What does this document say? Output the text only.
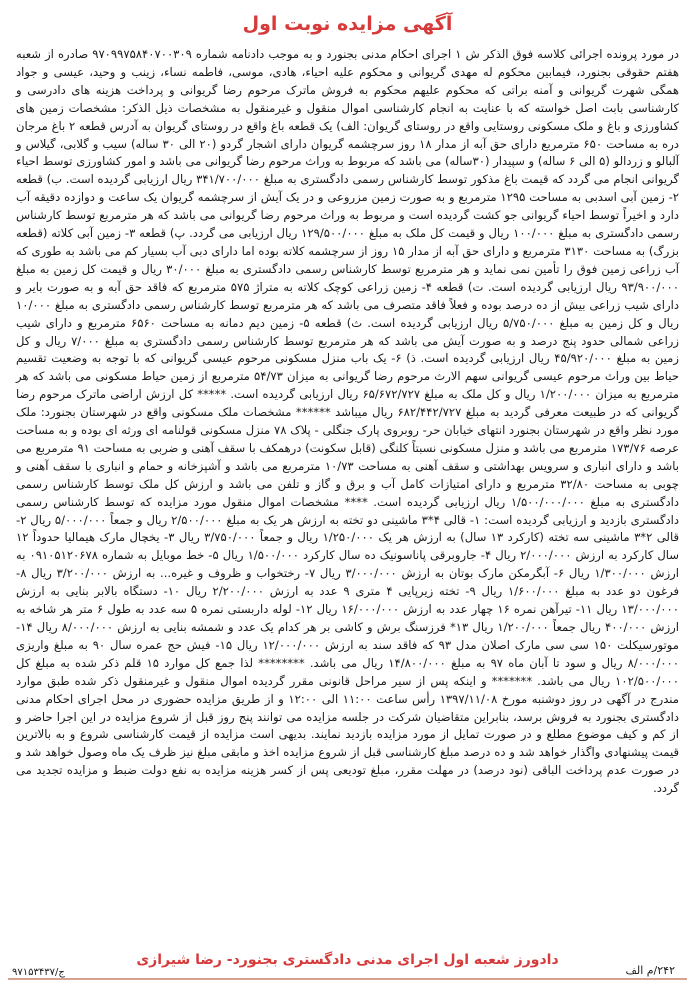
آگهی مزایده نوبت اول

در مورد پرونده اجرائی کلاسه فوق الذکر ش ۱ اجرای احکام مدنی بجنورد و به موجب دادنامه شماره ۹۷۰۹۹۷۵۸۴۰۷۰۰۳۰۹ صادره از شعبه هفتم حقوقی بجنورد، فیمابین محکوم له مهدی گریوانی و محکوم علیه احیاء، هادی، موسی، فاطمه نساء، زینب و وحید، عیسی و جواد همگی شهرت گریوانی و آمنه براتی که محکوم علیهم محکوم به فروش ماترک مرحوم رضا گریوانی و پرداخت هزینه های دادرسی و کارشناسی بابت اصل خواسته که با عنایت به انجام کارشناسی اموال منقول و غیرمنقول به مشخصات ذیل الذکر: مشخصات زمین های کشاورزی و باغ و ملک مسکونی روستایی واقع در روستای گریوان: الف) یک قطعه باغ واقع در روستای گریوان به آدرس قطعه ۲ باغ مرجان دره به مساحت ۶۵۰ مترمربع دارای حق آبه از مدار ۱۸ روز سرچشمه گریوان دارای اشجار گردو (۲۰ الی ۳۰ ساله) سیب و گلابی، گیلاس و آلبالو و زردالو (۵ الی ۶ ساله) و سپیدار (۳۰ساله) می باشد که مربوط به وراث مرحوم رضا گریوانی می باشد و امور کشاورزی توسط احیاء گریوانی انجام می گردد که قیمت باغ مذکور توسط کارشناس رسمی دادگستری به مبلغ ۳۴۱/۷۰۰/۰۰۰ ریال ارزیابی گردیده است. ب) قطعه ۲- زمین آبی اسدبی به مساحت ۱۲۹۵ مترمربع و به صورت زمین مزروعی و در یک آیش از سرچشمه گریوان یک ساعت و دوازده دقیقه آب دارد و اخیراً توسط احیاء گریوانی جو کشت گردیده است و مربوط به وراث مرحوم رضا گریوانی می باشد که هر مترمربع توسط کارشناس رسمی دادگستری به مبلغ ۱۰۰/۰۰۰ ریال و قیمت کل ملک به مبلغ ۱۲۹/۵۰۰/۰۰۰ ریال ارزیابی می گردد. پ) قطعه ۳- زمین آبی کلاته (قطعه بزرگ) به مساحت ۳۱۳۰ مترمربع و دارای حق آبه از مدار ۱۵ روز از سرچشمه کلاته بوده اما دارای دبی آب بسیار کم می باشد به طوری که آب زراعی زمین فوق را تأمین نمی نماید و هر مترمربع توسط کارشناس رسمی دادگستری به مبلغ ۳۰/۰۰۰ ریال و قیمت کل زمین به مبلغ ۹۳/۹۰۰/۰۰۰ ریال ارزیابی گردیده است. ت) قطعه ۴- زمین زراعی کوچک کلاته به متراژ ۵۷۵ مترمربع که فاقد حق آبه و به صورت بایر و دارای شیب زراعی بیش از ده درصد بوده و فعلاً فاقد متصرف می باشد که هر مترمربع توسط کارشناس رسمی دادگستری به مبلغ ۱۰/۰۰۰ ریال و کل زمین به مبلغ ۵/۷۵۰/۰۰۰ ریال ارزیابی گردیده است. ث) قطعه ۵- زمین دیم دمانه به مساحت ۶۵۶۰ مترمربع و دارای شیب زراعی شمالی حدود پنج درصد و به صورت آیش می باشد که هر مترمربع توسط کارشناس رسمی دادگستری به مبلغ ۷/۰۰۰ ریال و کل زمین به مبلغ ۴۵/۹۲۰/۰۰۰ ریال ارزیابی گردیده است. ذ) ۶- یک باب منزل مسکونی مرحوم عیسی گریوانی که با توجه به وضعیت تقسیم حیاط بین وراث مرحوم عیسی گریوانی سهم الارث مرحوم رضا گریوانی به میزان ۵۴/۷۳ مترمربع از زمین حیاط مسکونی می باشد که هر مترمربع به میزان ۱/۲۰۰/۰۰۰ ریال و کل ملک به مبلغ ۶۵/۶۷۲/۷۲۷ ریال ارزیابی گردیده است. ***** کل ارزش اراضی ماترک مرحوم رضا گریوانی که در طبیعت معرفی گردید به مبلغ ۶۸۲/۴۴۲/۷۲۷ ریال میباشد ****** مشخصات ملک مسکونی واقع در شهرستان بجنورد: ملک مورد نظر واقع در شهرستان بجنورد انتهای خیابان حر- روبروی پارک جنگلی - پلاک ۷۸ منزل مسکونی قولنامه ای ورثه ای بوده و به مساحت عرصه ۱۷۳/۷۶ مترمربع می باشد و منزل مسکونی نسبتاً کلنگی (قابل سکونت) درهمکف با سقف آهنی و ضربی به مساحت ۹۱ مترمربع می باشد و دارای انباری و سرویس بهداشتی و سقف آهنی به مساحت ۱۰/۷۳ مترمربع می باشد و آشپزخانه و حمام و انباری با سقف آهنی و چوبی به مساحت ۳۲/۸۰ مترمربع و دارای امتیازات کامل آب و برق و گاز و تلفن می باشد و ارزش کل ملک توسط کارشناس رسمی دادگستری به مبلغ ۱/۵۰۰/۰۰۰/۰۰۰ ریال ارزیابی گردیده است. **** مشخصات اموال منقول مورد مزایده که توسط کارشناس رسمی دادگستری بازدید و ارزیابی گردیده است: ۱- قالی ۴*۳ ماشینی دو تخته به ارزش هر یک به مبلغ ۲/۵۰۰/۰۰۰ ریال و جمعاً ۵/۰۰۰/۰۰۰ ریال ۲- قالی ۲*۳ ماشینی سه تخته (کارکرد ۱۳ سال) به ارزش هر یک ۱/۲۵۰/۰۰۰ ریال و جمعاً ۳/۷۵۰/۰۰۰ ریال ۳- یخچال مارک هیمالیا حدوداً ۱۲ سال کارکرد به ارزش ۲/۰۰۰/۰۰۰ ریال ۴- جاروبرقی پاناسونیک ده سال کارکرد ۱/۵۰۰/۰۰۰ ریال ۵- خط موبایل به شماره ۰۹۱۰۵۱۲۰۶۷۸ به ارزش ۱/۳۰۰/۰۰۰ ریال ۶- آبگرمکن مارک بوتان به ارزش ۳/۰۰۰/۰۰۰ ریال ۷- رختخواب و ظروف و غیره... به ارزش ۳/۲۰۰/۰۰۰ ریال ۸- فرغون دو عدد به مبلغ ۱/۶۰۰/۰۰۰ ریال ۹- تخته زیرپایی ۴ متری ۹ عدد به ارزش ۲/۲۰۰/۰۰۰ ریال ۱۰- دستگاه بالابر بنایی به ارزش ۱۳/۰۰۰/۰۰۰ ریال ۱۱- تیرآهن نمره ۱۶ چهار عدد به ارزش ۱۶/۰۰۰/۰۰۰ ریال ۱۲- لوله داربستی نمره ۵ سه عدد به طول ۶ متر هر شاخه به ارزش ۴۰۰/۰۰۰ ریال جمعاً ۱/۲۰۰/۰۰۰ ریال ۱۳* فرزسنگ برش و کاشی بر هر کدام یک عدد و شمشه بنایی به ارزش ۸/۰۰۰/۰۰۰ ریال ۱۴- موتورسیکلت ۱۵۰ سی سی مارک اصلان مدل ۹۳ که فاقد سند به ارزش ۱۲/۰۰۰/۰۰۰ ریال ۱۵- فیش حج عمره سال ۹۰ به مبلغ واریزی ۸/۰۰۰/۰۰۰ ریال و سود تا آبان ماه ۹۷ به مبلغ ۱۴/۸۰۰/۰۰۰ ریال می باشد. ******** لذا جمع کل موارد ۱۵ قلم ذکر شده به مبلغ کل ۱۰۲/۵۰۰/۰۰۰ ریال می باشد. ******* و اینکه پس از سیر مراحل قانونی مقرر گردیده اموال منقول و غیرمنقول ذکر شده طبق موارد مندرج در آگهی در روز دوشنبه مورخ ۱۳۹۷/۱۱/۰۸ رأس ساعت ۱۱:۰۰ الی ۱۲:۰۰ و از طریق مزایده حضوری در محل اجرای احکام مدنی دادگستری بجنورد به فروش برسد، بنابراین متقاضیان شرکت در جلسه مزایده می توانند پنج روز قبل از شروع مزایده در این اجرا حاضر و از کم و کیف موضوع مطلع و در صورت تمایل از مورد مزایده بازدید نمایند. بدیهی است مزایده از قیمت کارشناسی شروع و به بالاترین قیمت پیشنهادی واگذار خواهد شد و ده درصد مبلغ کارشناسی قبل از شروع مزایده اخذ و مابقی مبلغ نیز ظرف یک ماه وصول خواهد شد و در صورت عدم پرداخت الباقی (نود درصد) در مهلت مقرر، مبلغ تودیعی پس از کسر هزینه مزایده به نفع دولت ضبط و مزایده تجدید می گردد.

۲۴۲/م الف
دادورز شعبه اول اجرای مدنی دادگستری بجنورد- رضا شیرازی
ج/۹۷۱۵۳۴۳۷
